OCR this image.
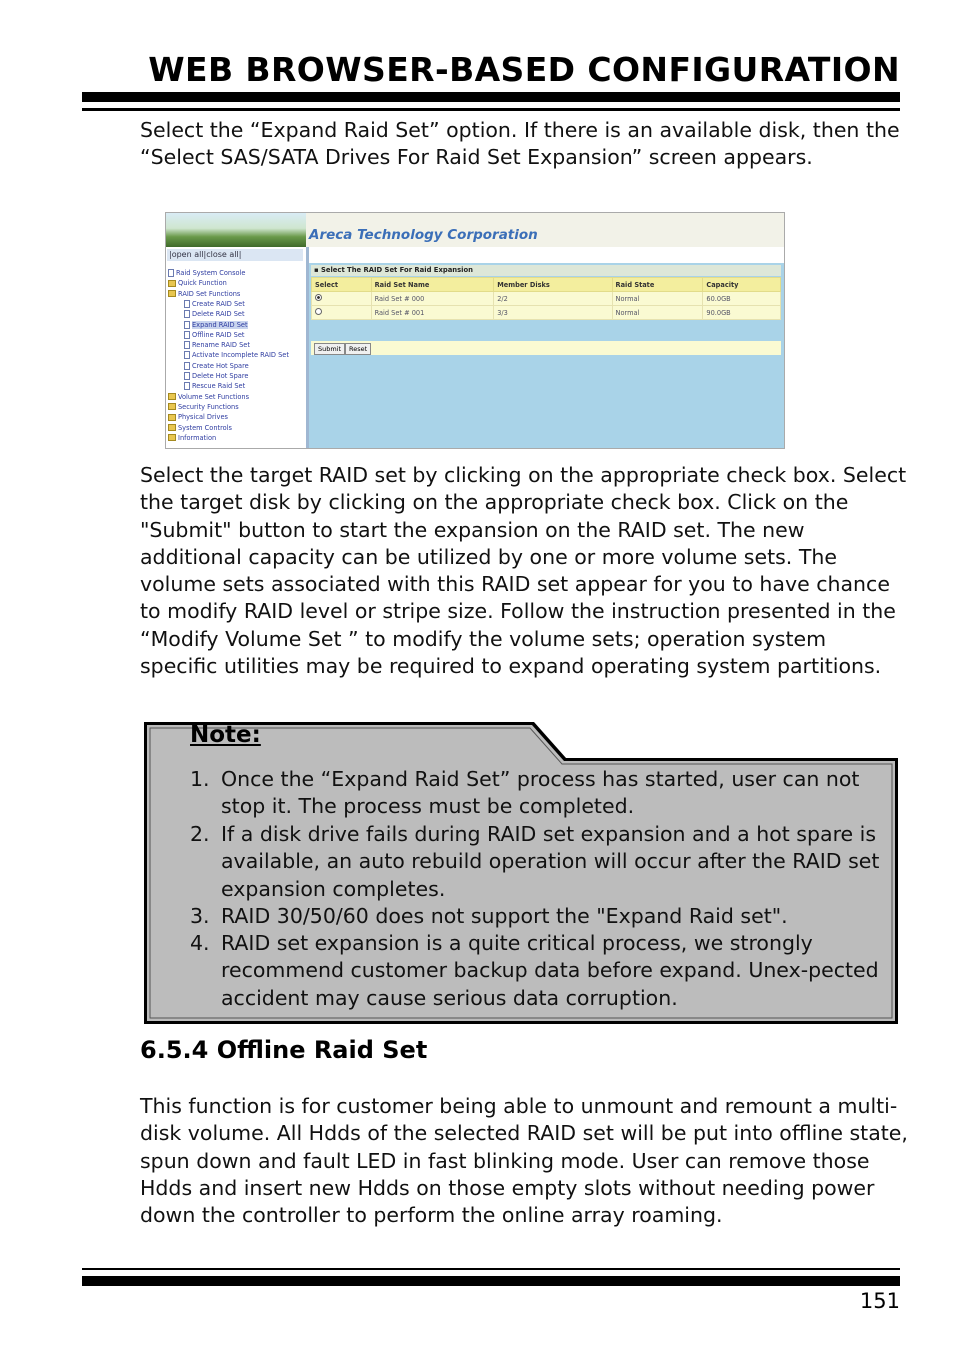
WEB BROWSER-BASED CONFIGURATION

Select the “Expand Raid Set” option. If there is an available disk, then the “Select SAS/SATA Drives For Raid Set Expansion” screen appears.

Areca Technology Corporation
|open all|close all|
Raid System Console
Quick Function
RAID Set Functions
Create RAID Set
Delete RAID Set
Expand RAID Set
Offline RAID Set
Rename RAID Set
Activate Incomplete RAID Set
Create Hot Spare
Delete Hot Spare
Rescue Raid Set
Volume Set Functions
Security Functions
Physical Drives
System Controls
Information
▪ Select The RAID Set For Raid Expansion
Select	Raid Set Name	Member Disks	Raid State	Capacity
	Raid Set # 000	2/2	Normal	60.0GB
	Raid Set # 001	3/3	Normal	90.0GB
Submit	Reset

Select the target RAID set by clicking on the appropriate check box. Select the target disk by clicking on the appropriate check box. Click on the "Submit" button to start the expansion on the RAID set. The new additional capacity can be utilized by one or more volume sets. The volume sets associated with this RAID set appear for you to have chance to modify RAID level or stripe size. Follow the instruction presented in the “Modify Volume Set ” to modify the volume sets; operation system specific utilities may be required to expand operating system partitions.

Note:
1. Once the “Expand Raid Set” process has started, user can not stop it. The process must be completed.
2. If a disk drive fails during RAID set expansion and a hot spare is available, an auto rebuild operation will occur after the RAID set expansion completes.
3. RAID 30/50/60 does not support the "Expand Raid set".
4. RAID set expansion is a quite critical process, we strongly recommend customer backup data before expand. Unex-pected accident may cause serious data corruption.
6.5.4 Offline Raid Set

This function is for customer being able to unmount and remount a multi-disk volume. All Hdds of the selected RAID set will be put into offline state, spun down and fault LED in fast blinking mode. User can remove those Hdds and insert new Hdds on those empty slots without needing power down the controller to perform the online array roaming.

151
